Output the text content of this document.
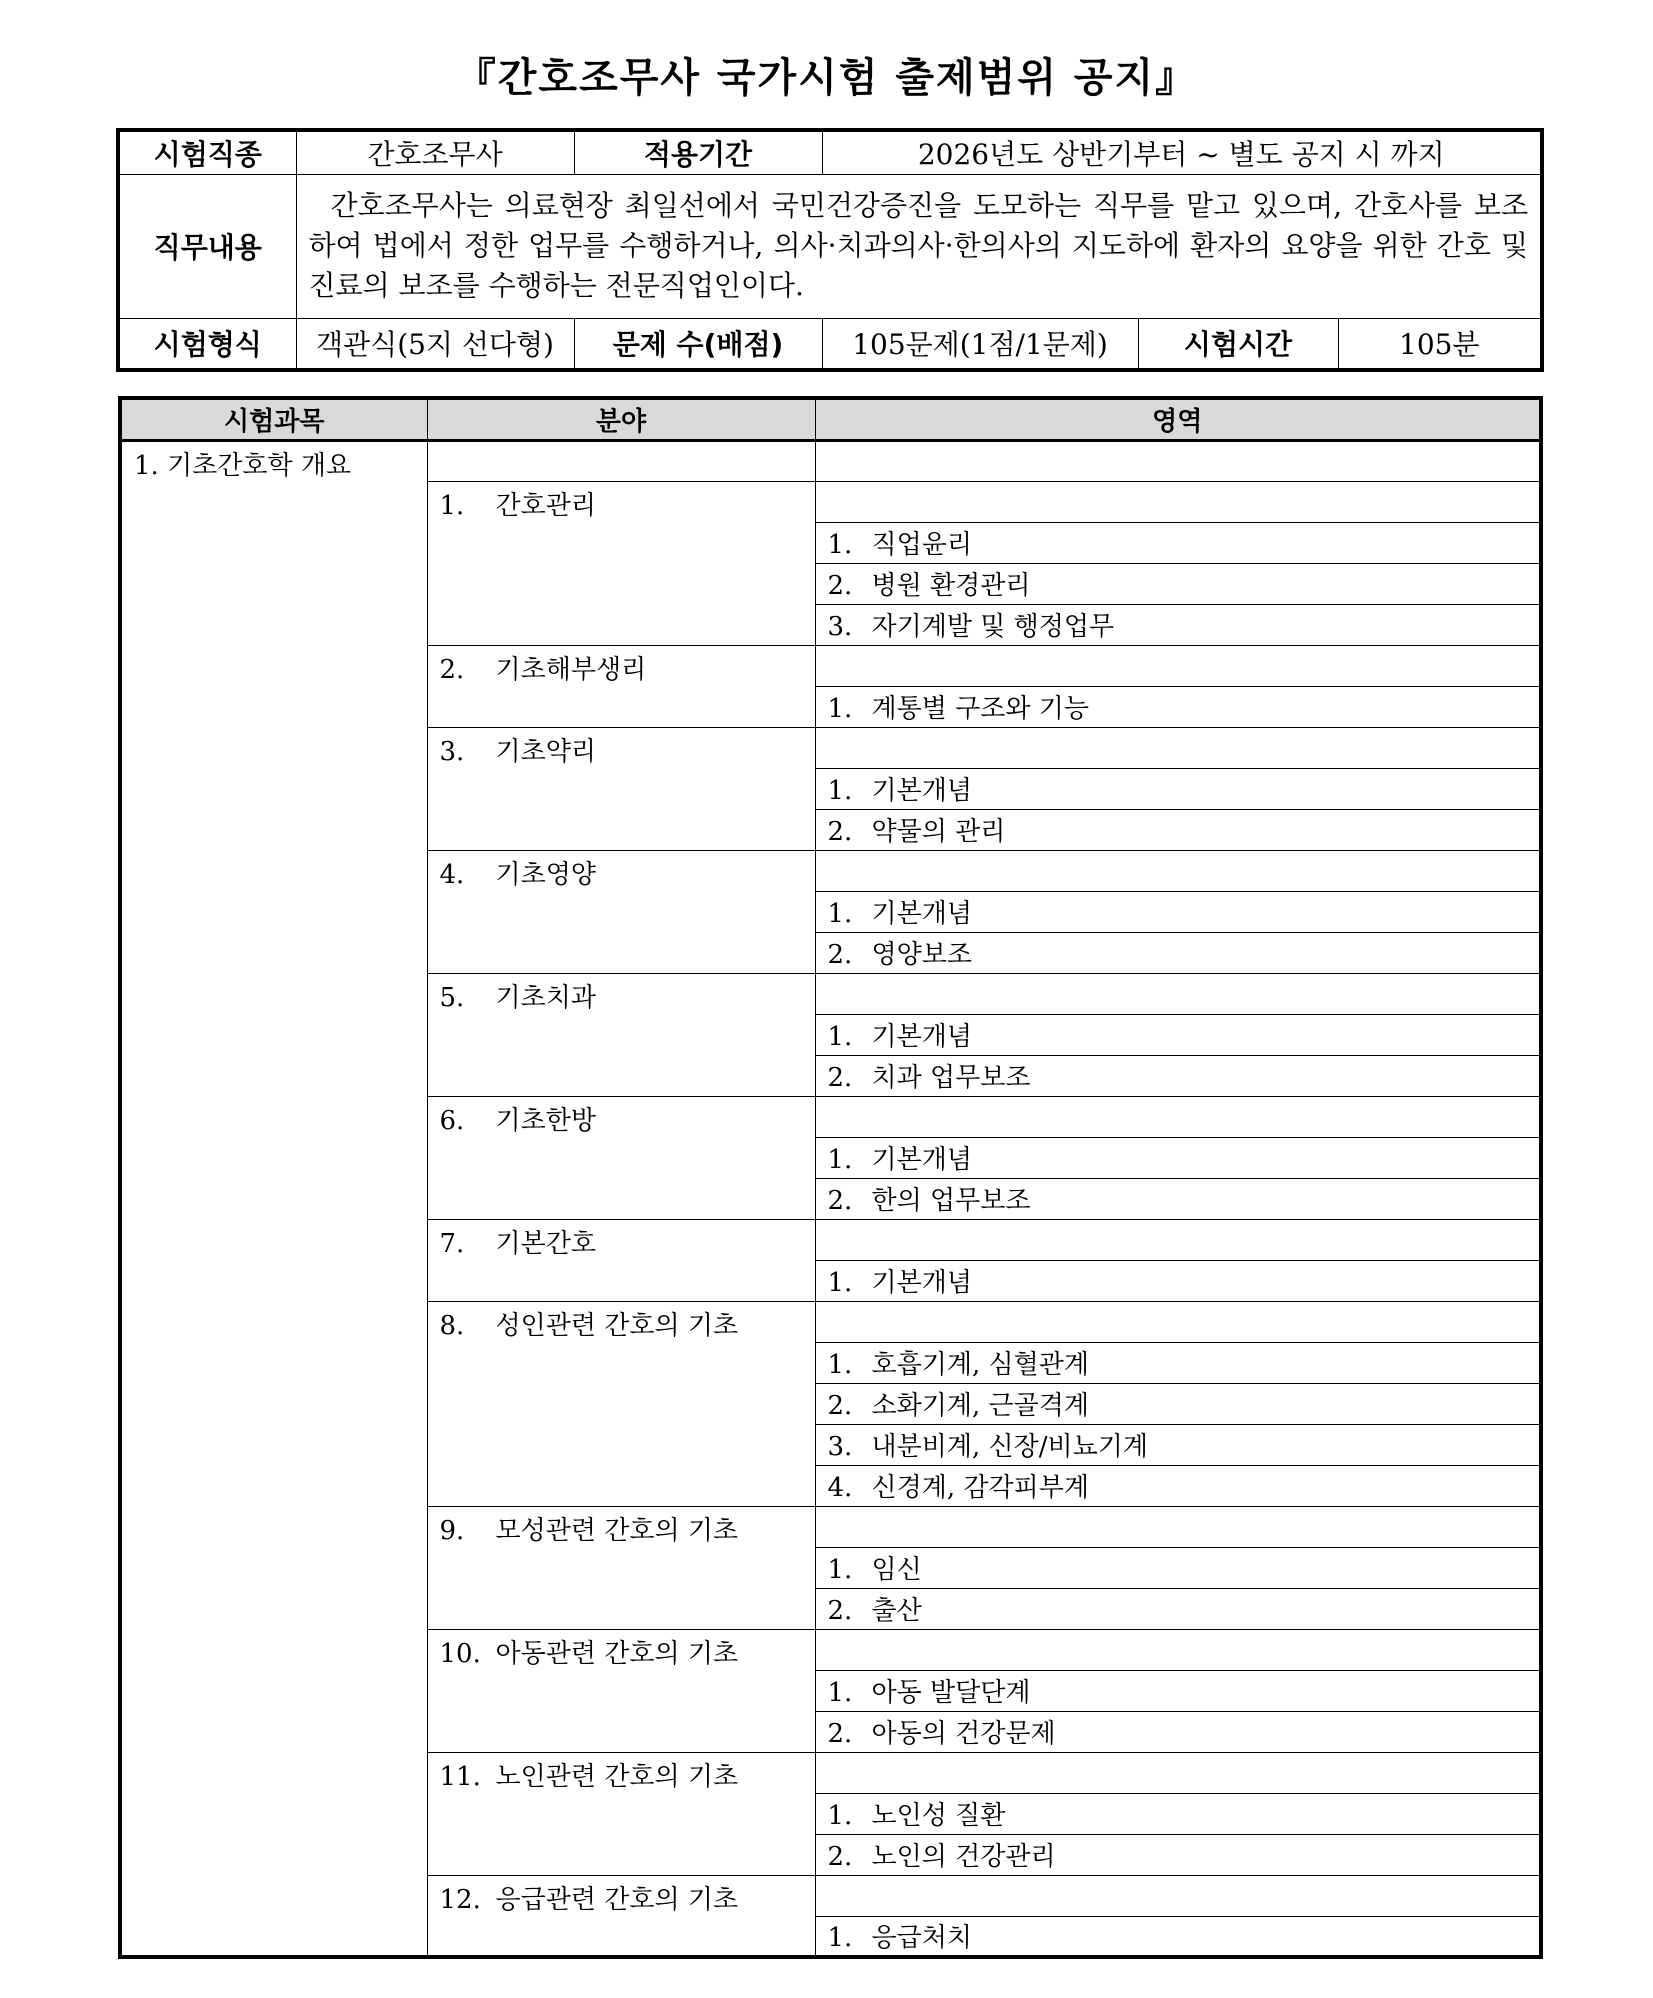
『간호조무사 국가시험 출제범위 공지』
시험직종	간호조무사	적용기간	2026년도 상반기부터 ~ 별도 공지 시 까지		
직무내용	간호조무사는 의료현장 최일선에서 국민건강증진을 도모하는 직무를 맡고 있으며, 간호사를 보조하여 법에서 정한 업무를 수행하거나, 의사·치과의사·한의사의 지도하에 환자의 요양을 위한 간호 및 진료의 보조를 수행하는 전문직업인이다.				
시험형식	객관식(5지 선다형)	문제 수(배점)	105문제(1점/1문제)	시험시간	105분
시험과목	분야	영역
1. 기초간호학 개요		
	1. 간호관리	
		1. 직업윤리
		2. 병원 환경관리
		3. 자기계발 및 행정업무
	2. 기초해부생리	
		1. 계통별 구조와 기능
	3. 기초약리	
		1. 기본개념
		2. 약물의 관리
	4. 기초영양	
		1. 기본개념
		2. 영양보조
	5. 기초치과	
		1. 기본개념
		2. 치과 업무보조
	6. 기초한방	
		1. 기본개념
		2. 한의 업무보조
	7. 기본간호	
		1. 기본개념
	8. 성인관련 간호의 기초	
		1. 호흡기계, 심혈관계
		2. 소화기계, 근골격계
		3. 내분비계, 신장/비뇨기계
		4. 신경계, 감각피부계
	9. 모성관련 간호의 기초	
		1. 임신
		2. 출산
	10. 아동관련 간호의 기초	
		1. 아동 발달단계
		2. 아동의 건강문제
	11. 노인관련 간호의 기초	
		1. 노인성 질환
		2. 노인의 건강관리
	12. 응급관련 간호의 기초	
		1. 응급처치
